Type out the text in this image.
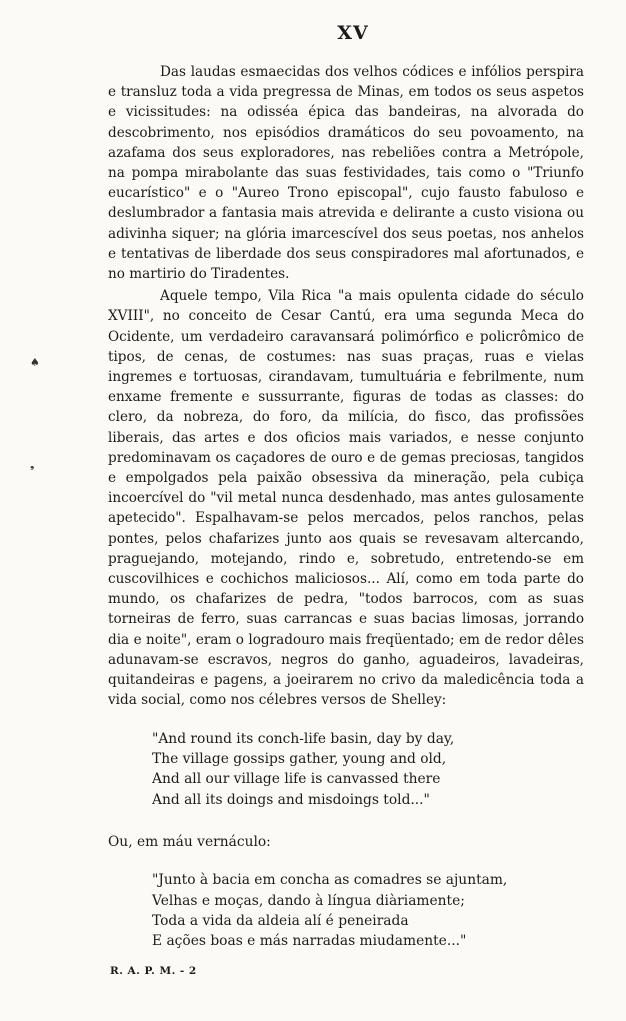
XV

Das laudas esmaecidas dos velhos códices e infólios perspira e transluz toda a vida pregressa de Minas, em todos os seus aspetos e vicissitudes: na odisséa épica das bandeiras, na alvorada do descobrimento, nos episódios dramáticos do seu povoamento, na azafama dos seus exploradores, nas rebeliões contra a Metrópole, na pompa mirabolante das suas festividades, tais como o "Triunfo eucarístico" e o "Aureo Trono episcopal", cujo fausto fabuloso e deslumbrador a fantasia mais atrevida e delirante a custo visiona ou adivinha siquer; na glória imarcescível dos seus poetas, nos anhelos e tentativas de liberdade dos seus conspiradores mal afortunados, e no martirio do Tiradentes.

Aquele tempo, Vila Rica "a mais opulenta cidade do século XVIII", no conceito de Cesar Cantú, era uma segunda Meca do Ocidente, um verdadeiro caravansará polimórfico e policrômico de tipos, de cenas, de costumes: nas suas praças, ruas e vielas ingremes e tortuosas, cirandavam, tumultuária e febrilmente, num enxame fremente e sussurrante, figuras de todas as classes: do clero, da nobreza, do foro, da milícia, do fisco, das profissões liberais, das artes e dos oficios mais variados, e nesse conjunto predominavam os caçadores de ouro e de gemas preciosas, tangidos e empolgados pela paixão obsessiva da mineração, pela cubiça incoercível do "vil metal nunca desdenhado, mas antes gulosamente apetecido". Espalhavam-se pelos mercados, pelos ranchos, pelas pontes, pelos chafarizes junto aos quais se revesavam altercando, praguejando, motejando, rindo e, sobretudo, entretendo-se em cuscovilhices e cochichos maliciosos... Alí, como em toda parte do mundo, os chafarizes de pedra, "todos barrocos, com as suas torneiras de ferro, suas carrancas e suas bacias limosas, jorrando dia e noite", eram o logradouro mais freqüentado; em de redor dêles adunavam-se escravos, negros do ganho, aguadeiros, lavadeiras, quitandeiras e pagens, a joeirarem no crivo da maledicência toda a vida social, como nos célebres versos de Shelley:

"And round its conch-life basin, day by day,
The village gossips gather, young and old,
And all our village life is canvassed there
And all its doings and misdoings told..."

Ou, em máu vernáculo:

"Junto à bacia em concha as comadres se ajuntam,
Velhas e moças, dando à língua diàriamente;
Toda a vida da aldeia alí é peneirada
E ações boas e más narradas miudamente..."
♠
❟
R. A. P. M. - 2
